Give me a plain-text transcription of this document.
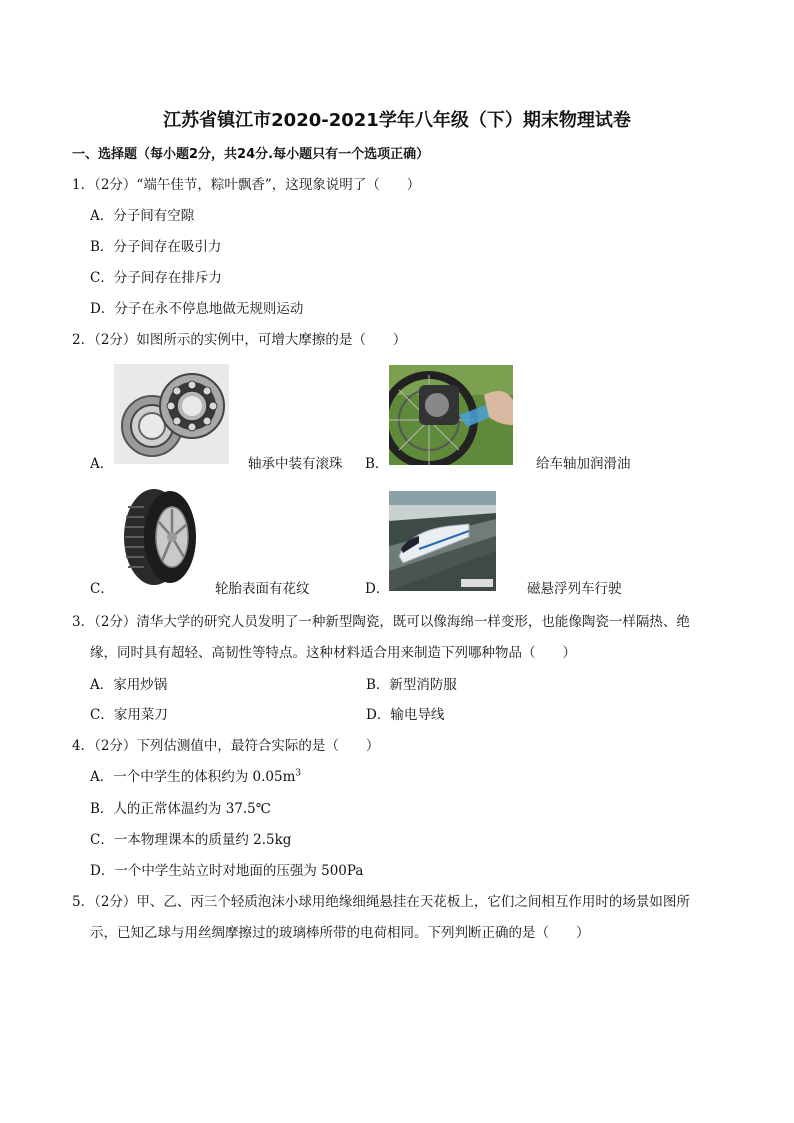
江苏省镇江市2020-2021学年八年级（下）期末物理试卷
一、选择题（每小题2分，共24分.每小题只有一个选项正确）
1．（2分）“端午佳节，粽叶飘香”，这现象说明了（　　）
A．分子间有空隙
B．分子间存在吸引力
C．分子间存在排斥力
D．分子在永不停息地做无规则运动
2．（2分）如图所示的实例中，可增大摩擦的是（　　）
A．	轴承中装有滚珠 B．	给车轴加润滑油
C．	轮胎表面有花纹	D．	磁悬浮列车行驶
3．（2分）清华大学的研究人员发明了一种新型陶瓷，既可以像海绵一样变形，也能像陶瓷一样隔热、绝
缘，同时具有超轻、高韧性等特点。这种材料适合用来制造下列哪种物品（　　）
A．家用炒锅	B．新型消防服
C．家用菜刀	D．输电导线
4．（2分）下列估测值中，最符合实际的是（　　）
A．一个中学生的体积约为 $0.05m^3$
B．人的正常体温约为 37.5℃
C．一本物理课本的质量约 2.5kg
D．一个中学生站立时对地面的压强为 500Pa
5．（2分）甲、乙、丙三个轻质泡沫小球用绝缘细绳悬挂在天花板上，它们之间相互作用时的场景如图所
示，已知乙球与用丝绸摩擦过的玻璃棒所带的电荷相同。下列判断正确的是（　　）
